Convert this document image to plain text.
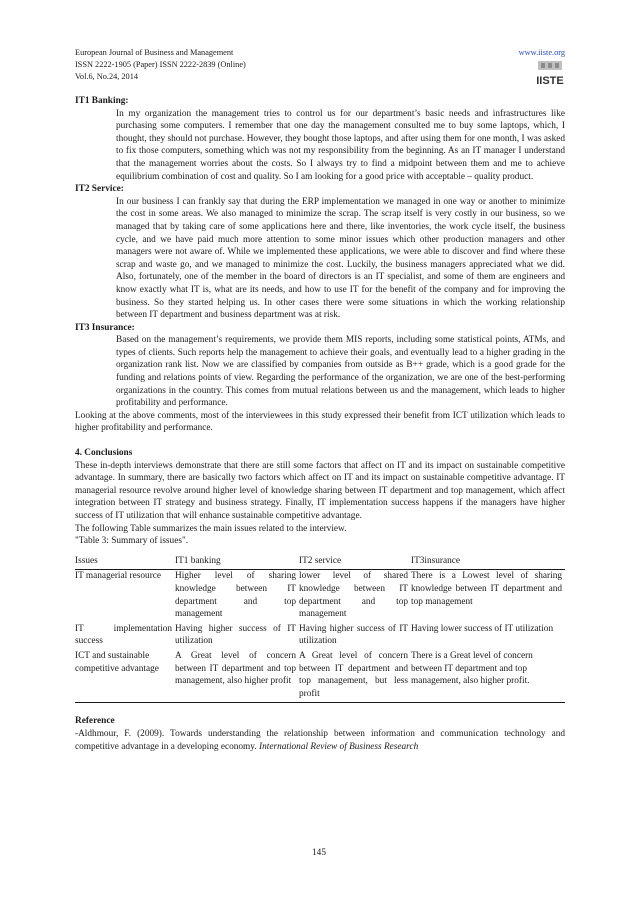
European Journal of Business and Management
ISSN 2222-1905 (Paper) ISSN 2222-2839 (Online)
Vol.6, No.24, 2014
www.iiste.org
IISTE

IT1 Banking:

In my organization the management tries to control us for our department’s basic needs and infrastructures like purchasing some computers. I remember that one day the management consulted me to buy some laptops, which, I thought, they should not purchase. However, they bought those laptops, and after using them for one month, I was asked to fix those computers, something which was not my responsibility from the beginning. As an IT manager I understand that the management worries about the costs. So I always try to find a midpoint between them and me to achieve equilibrium combination of cost and quality. So I am looking for a good price with acceptable – quality product.

IT2 Service:

In our business I can frankly say that during the ERP implementation we managed in one way or another to minimize the cost in some areas. We also managed to minimize the scrap. The scrap itself is very costly in our business, so we managed that by taking care of some applications here and there, like inventories, the work cycle itself, the business cycle, and we have paid much more attention to some minor issues which other production managers and other managers were not aware of. While we implemented these applications, we were able to discover and find where these scrap and waste go, and we managed to minimize the cost. Luckily, the business managers appreciated what we did. Also, fortunately, one of the member in the board of directors is an IT specialist, and some of them are engineers and know exactly what IT is, what are its needs, and how to use IT for the benefit of the company and for improving the business. So they started helping us. In other cases there were some situations in which the working relationship between IT department and business department was at risk.

IT3 Insurance:

Based on the management’s requirements, we provide them MIS reports, including some statistical points, ATMs, and types of clients. Such reports help the management to achieve their goals, and eventually lead to a higher grading in the organization rank list. Now we are classified by companies from outside as B++ grade, which is a good grade for the funding and relations points of view. Regarding the performance of the organization, we are one of the best-performing organizations in the country. This comes from mutual relations between us and the management, which leads to higher profitability and performance.

Looking at the above comments, most of the interviewees in this study expressed their benefit from ICT utilization which leads to higher profitability and performance.

4. Conclusions

These in-depth interviews demonstrate that there are still some factors that affect on IT and its impact on sustainable competitive advantage. In summary, there are basically two factors which affect on IT and its impact on sustainable competitive advantage. IT managerial resource revolve around higher level of knowledge sharing between IT department and top management, which affect integration between IT strategy and business strategy. Finally, IT implementation success happens if the managers have higher success of IT utilization that will enhance sustainable competitive advantage.

The following Table summarizes the main issues related to the interview.

"Table 3: Summary of issues".

Issues	IT1 banking	IT2 service	IT3insurance
IT managerial resource	Higher level of sharing knowledge between IT department and top management	lower level of shared knowledge between IT department and top management	There is a Lowest level of sharing knowledge between IT department and top management
IT implementation success	Having higher success of IT utilization	Having higher success of IT utilization	Having lower success of IT utilization
ICT and sustainable competitive advantage	A Great level of concern between IT department and top management, also higher profit	A Great level of concern between IT department and top management, but less profit	There is a Great level of concern between IT department and top management, also higher profit.

Reference

-Aldhmour, F. (2009). Towards understanding the relationship between information and communication technology and competitive advantage in a developing economy. International Review of Business Research

145
